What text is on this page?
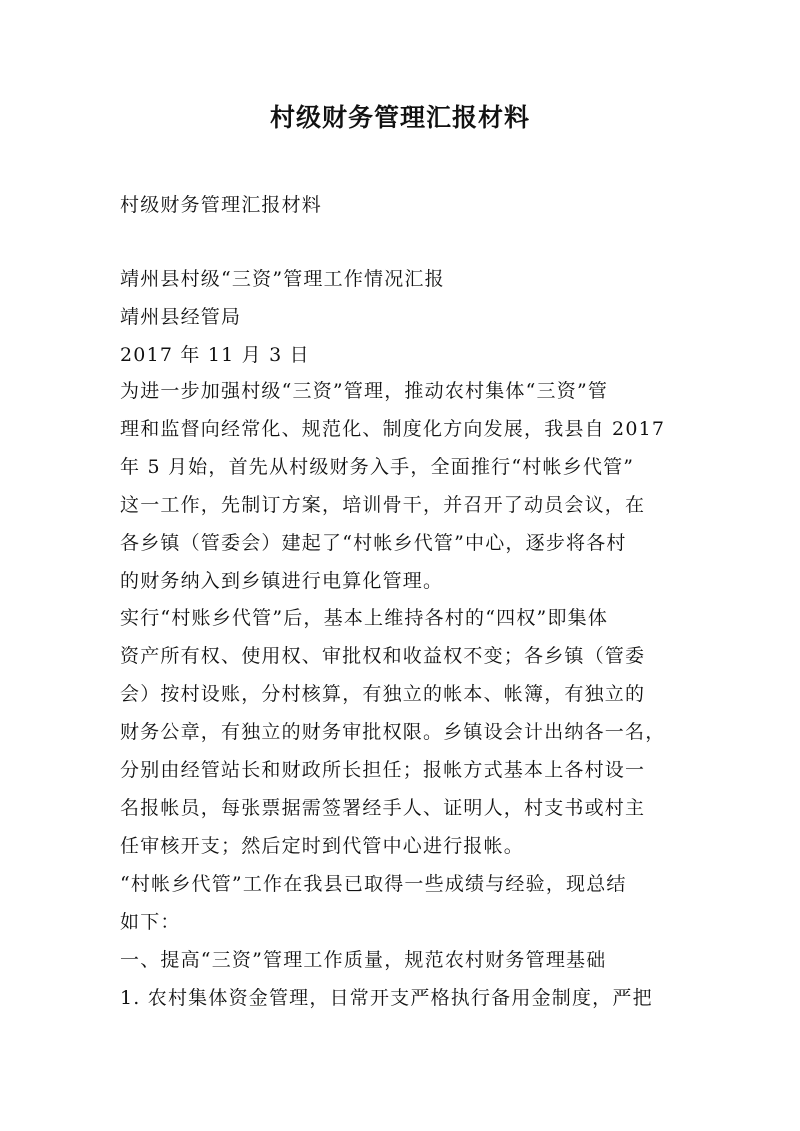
村级财务管理汇报材料

村级财务管理汇报材料

靖州县村级“三资”管理工作情况汇报

靖州县经管局

2017 年 11 月 3 日

为进一步加强村级“三资”管理，推动农村集体“三资”管

理和监督向经常化、规范化、制度化方向发展，我县自 2017

年 5 月始，首先从村级财务入手，全面推行“村帐乡代管”

这一工作，先制订方案，培训骨干，并召开了动员会议，在

各乡镇（管委会）建起了“村帐乡代管”中心，逐步将各村

的财务纳入到乡镇进行电算化管理。

实行“村账乡代管”后，基本上维持各村的“四权”即集体

资产所有权、使用权、审批权和收益权不变；各乡镇（管委

会）按村设账，分村核算，有独立的帐本、帐簿，有独立的

财务公章，有独立的财务审批权限。乡镇设会计出纳各一名，

分别由经管站长和财政所长担任；报帐方式基本上各村设一

名报帐员，每张票据需签署经手人、证明人，村支书或村主

任审核开支；然后定时到代管中心进行报帐。

“村帐乡代管”工作在我县已取得一些成绩与经验，现总结

如下：

一、提高“三资”管理工作质量，规范农村财务管理基础

1. 农村集体资金管理，日常开支严格执行备用金制度，严把
